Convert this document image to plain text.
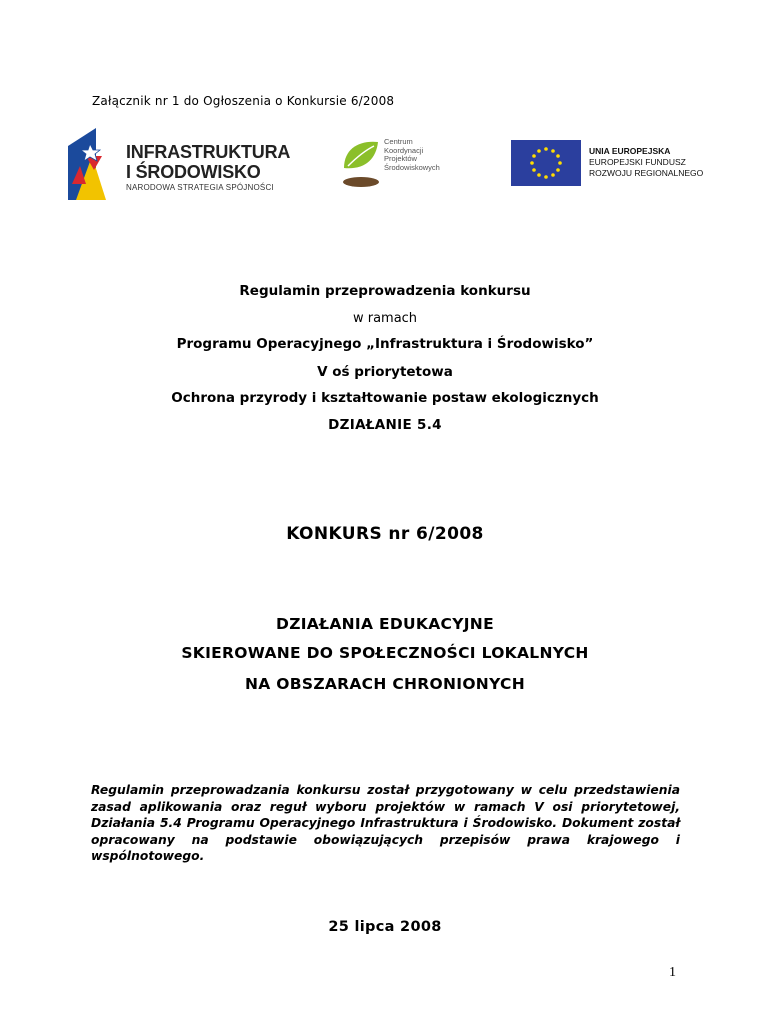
Załącznik nr 1 do Ogłoszenia o Konkursie 6/2008
INFRASTRUKTURA
I ŚRODOWISKO
NARODOWA STRATEGIA SPÓJNOŚCI
Centrum
Koordynacji
Projektów
Środowiskowych
UNIA EUROPEJSKA
EUROPEJSKI FUNDUSZ
ROZWOJU REGIONALNEGO
Regulamin przeprowadzenia konkursu
w ramach
Programu Operacyjnego „Infrastruktura i Środowisko”
V oś priorytetowa
Ochrona przyrody i kształtowanie postaw ekologicznych
DZIAŁANIE 5.4
KONKURS nr 6/2008
DZIAŁANIA EDUKACYJNE
SKIEROWANE DO SPOŁECZNOŚCI LOKALNYCH
NA OBSZARACH CHRONIONYCH
Regulamin przeprowadzania konkursu został przygotowany w celu przedstawienia zasad aplikowania oraz reguł wyboru projektów w ramach V osi priorytetowej, Działania 5.4 Programu Operacyjnego Infrastruktura i Środowisko. Dokument został opracowany na podstawie obowiązujących przepisów prawa krajowego i wspólnotowego.
25 lipca 2008
1
